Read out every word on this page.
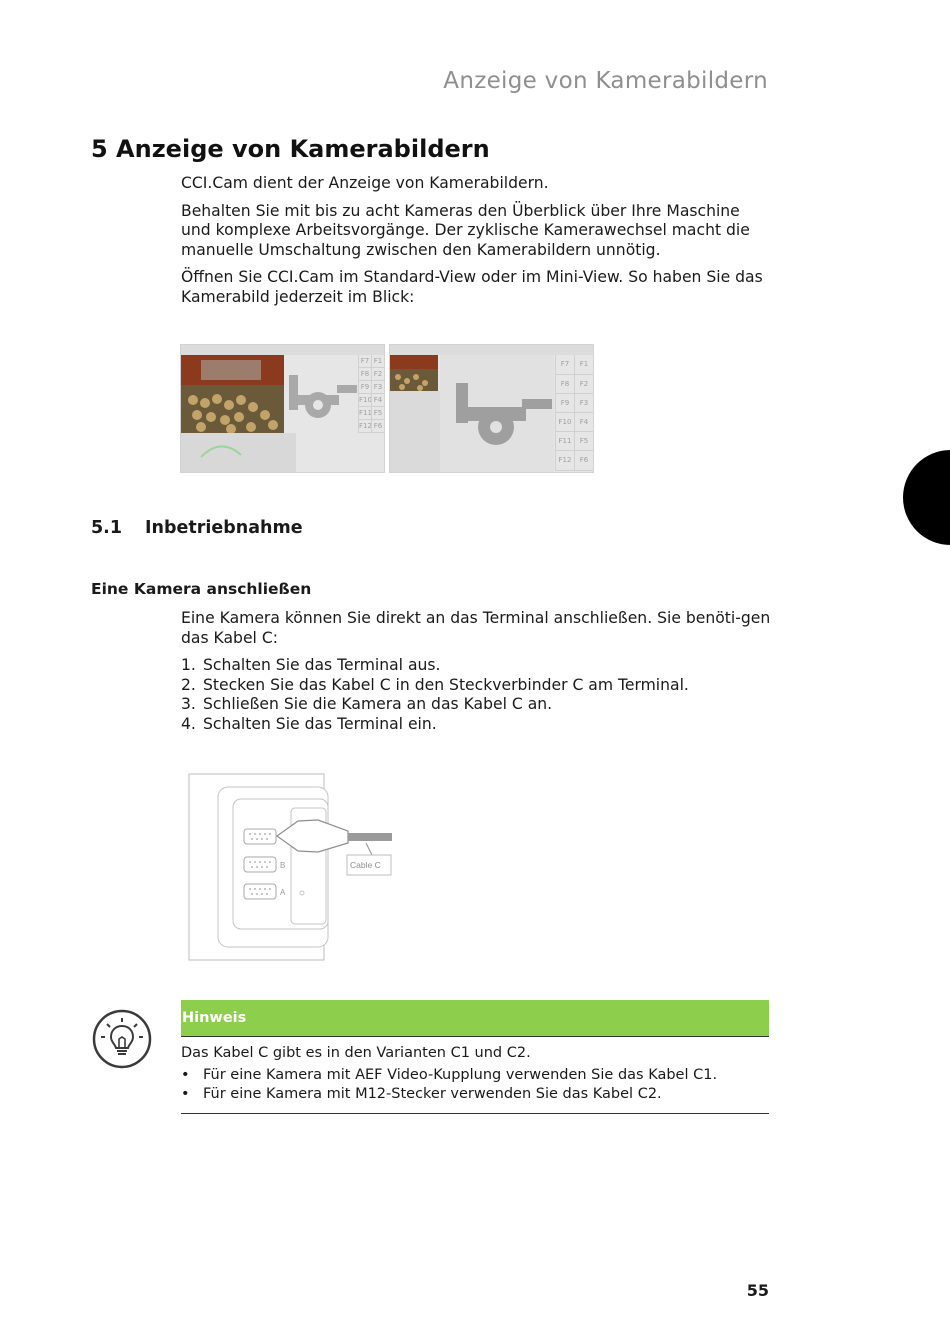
Anzeige von Kamerabildern
5 Anzeige von Kamerabildern

CCI.Cam dient der Anzeige von Kamerabildern.

Behalten Sie mit bis zu acht Kameras den Überblick über Ihre Maschine und komplexe Arbeitsvorgänge. Der zyklische Kamerawechsel macht die manuelle Umschaltung zwischen den Kamerabildern unnötig.

Öffnen Sie CCI.Cam im Standard-View oder im Mini-View. So haben Sie das Kamerabild jederzeit im Blick:

F7 F1
F8 F2
F9 F3
F10 F4
F11 F5
F12 F6
F7	F1
F8	F2
F9	F3
F10	F4
F11	F5
F12	F6
5.1 Inbetriebnahme
Eine Kamera anschließen

Eine Kamera können Sie direkt an das Terminal anschließen. Sie benöti-gen das Kabel C:

1. Schalten Sie das Terminal aus.
2. Stecken Sie das Kabel C in den Steckverbinder C am Terminal.
3. Schließen Sie die Kamera an das Kabel C an.
4. Schalten Sie das Terminal ein.
B
A
Cable C
Hinweis
Das Kabel C gibt es in den Varianten C1 und C2.
• Für eine Kamera mit AEF Video-Kupplung verwenden Sie das Kabel C1.
• Für eine Kamera mit M12-Stecker verwenden Sie das Kabel C2.
55
